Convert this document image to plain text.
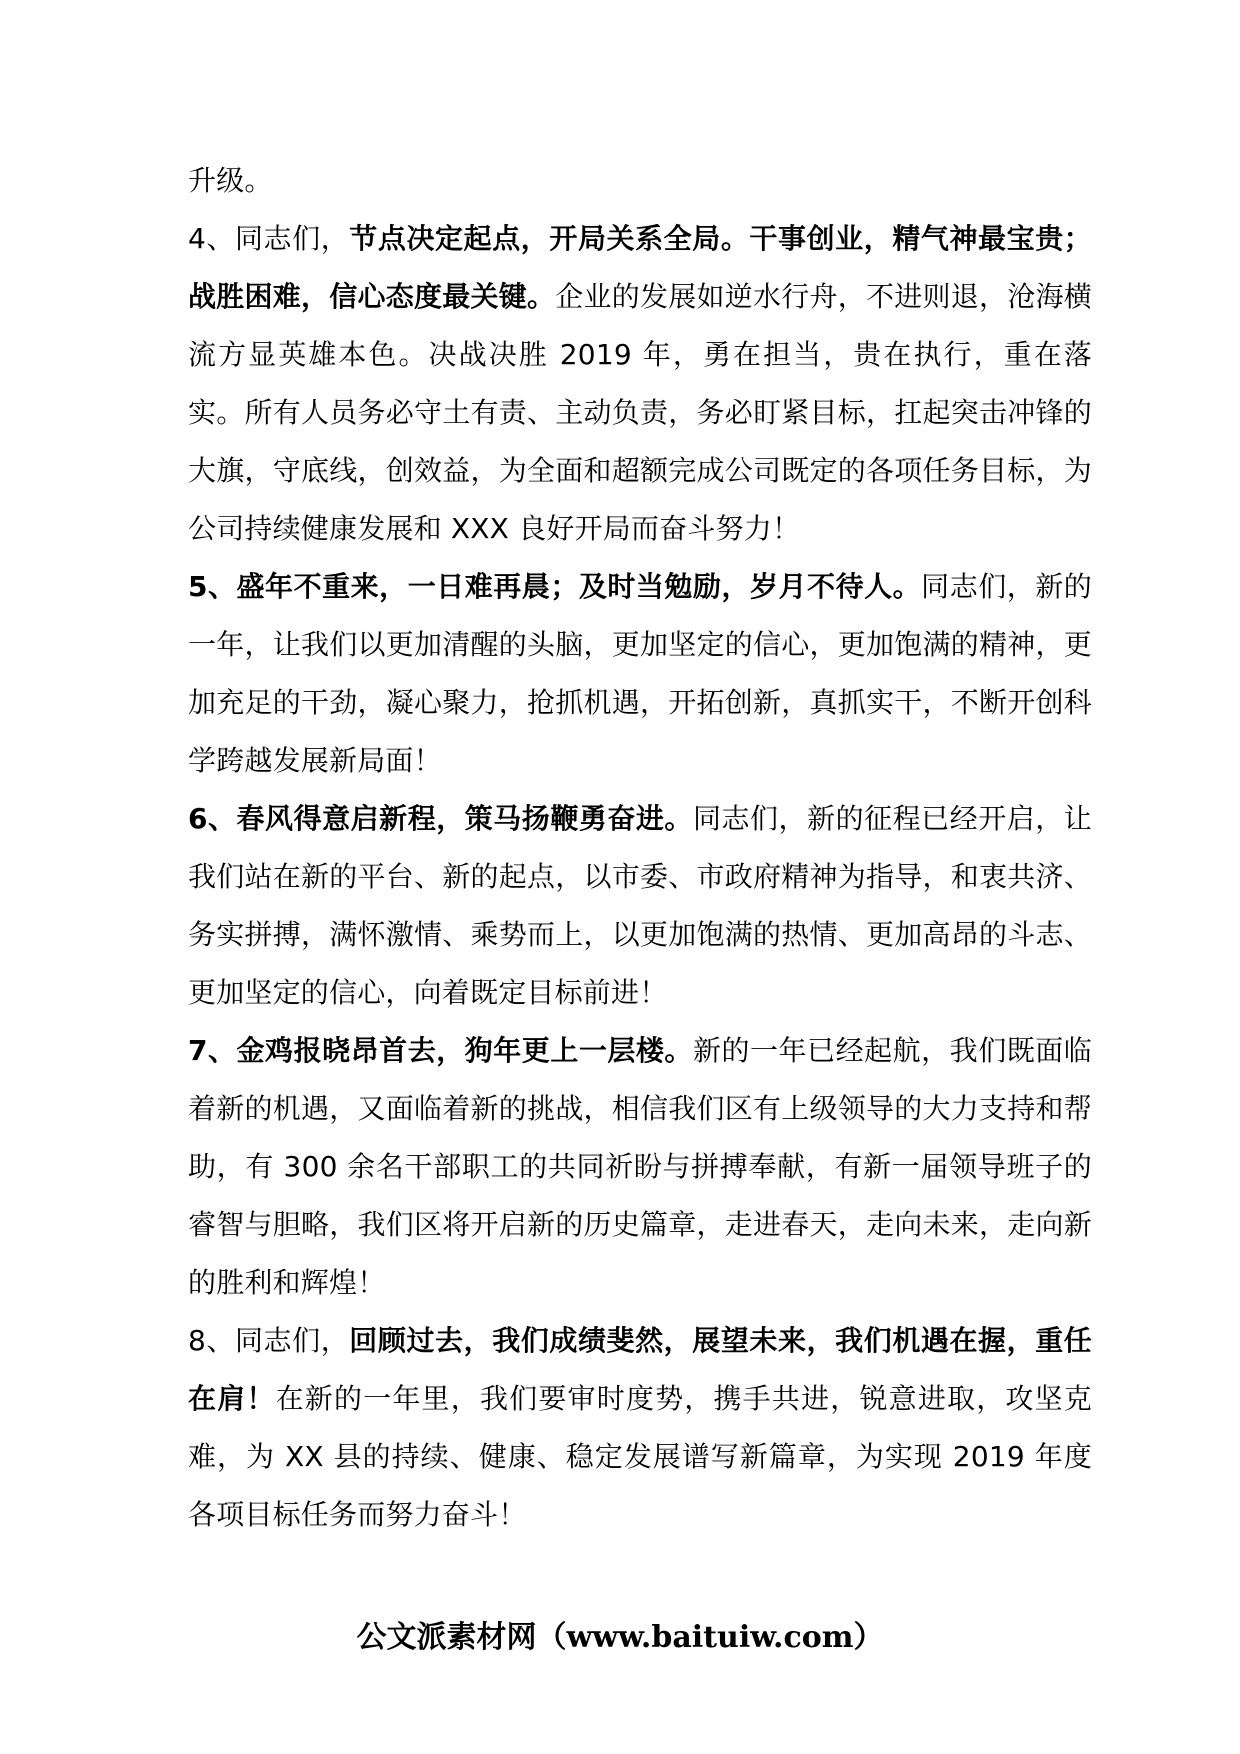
升级。

4、同志们，节点决定起点，开局关系全局。干事创业，精气神最宝贵；战胜困难，信心态度最关键。企业的发展如逆水行舟，不进则退，沧海横流方显英雄本色。决战决胜 2019 年，勇在担当，贵在执行，重在落实。所有人员务必守土有责、主动负责，务必盯紧目标，扛起突击冲锋的大旗，守底线，创效益，为全面和超额完成公司既定的各项任务目标，为公司持续健康发展和 XXX 良好开局而奋斗努力！

5、盛年不重来，一日难再晨；及时当勉励，岁月不待人。同志们，新的一年，让我们以更加清醒的头脑，更加坚定的信心，更加饱满的精神，更加充足的干劲，凝心聚力，抢抓机遇，开拓创新，真抓实干，不断开创科学跨越发展新局面！

6、春风得意启新程，策马扬鞭勇奋进。同志们，新的征程已经开启，让我们站在新的平台、新的起点，以市委、市政府精神为指导，和衷共济、务实拼搏，满怀激情、乘势而上，以更加饱满的热情、更加高昂的斗志、更加坚定的信心，向着既定目标前进！

7、金鸡报晓昂首去，狗年更上一层楼。新的一年已经起航，我们既面临着新的机遇，又面临着新的挑战，相信我们区有上级领导的大力支持和帮助，有 300 余名干部职工的共同祈盼与拼搏奉献，有新一届领导班子的睿智与胆略，我们区将开启新的历史篇章，走进春天，走向未来，走向新的胜利和辉煌！

8、同志们，回顾过去，我们成绩斐然，展望未来，我们机遇在握，重任在肩！在新的一年里，我们要审时度势，携手共进，锐意进取，攻坚克难，为 XX 县的持续、健康、稳定发展谱写新篇章，为实现 2019 年度各项目标任务而努力奋斗！

公文派素材网（www.baituiw.com）
